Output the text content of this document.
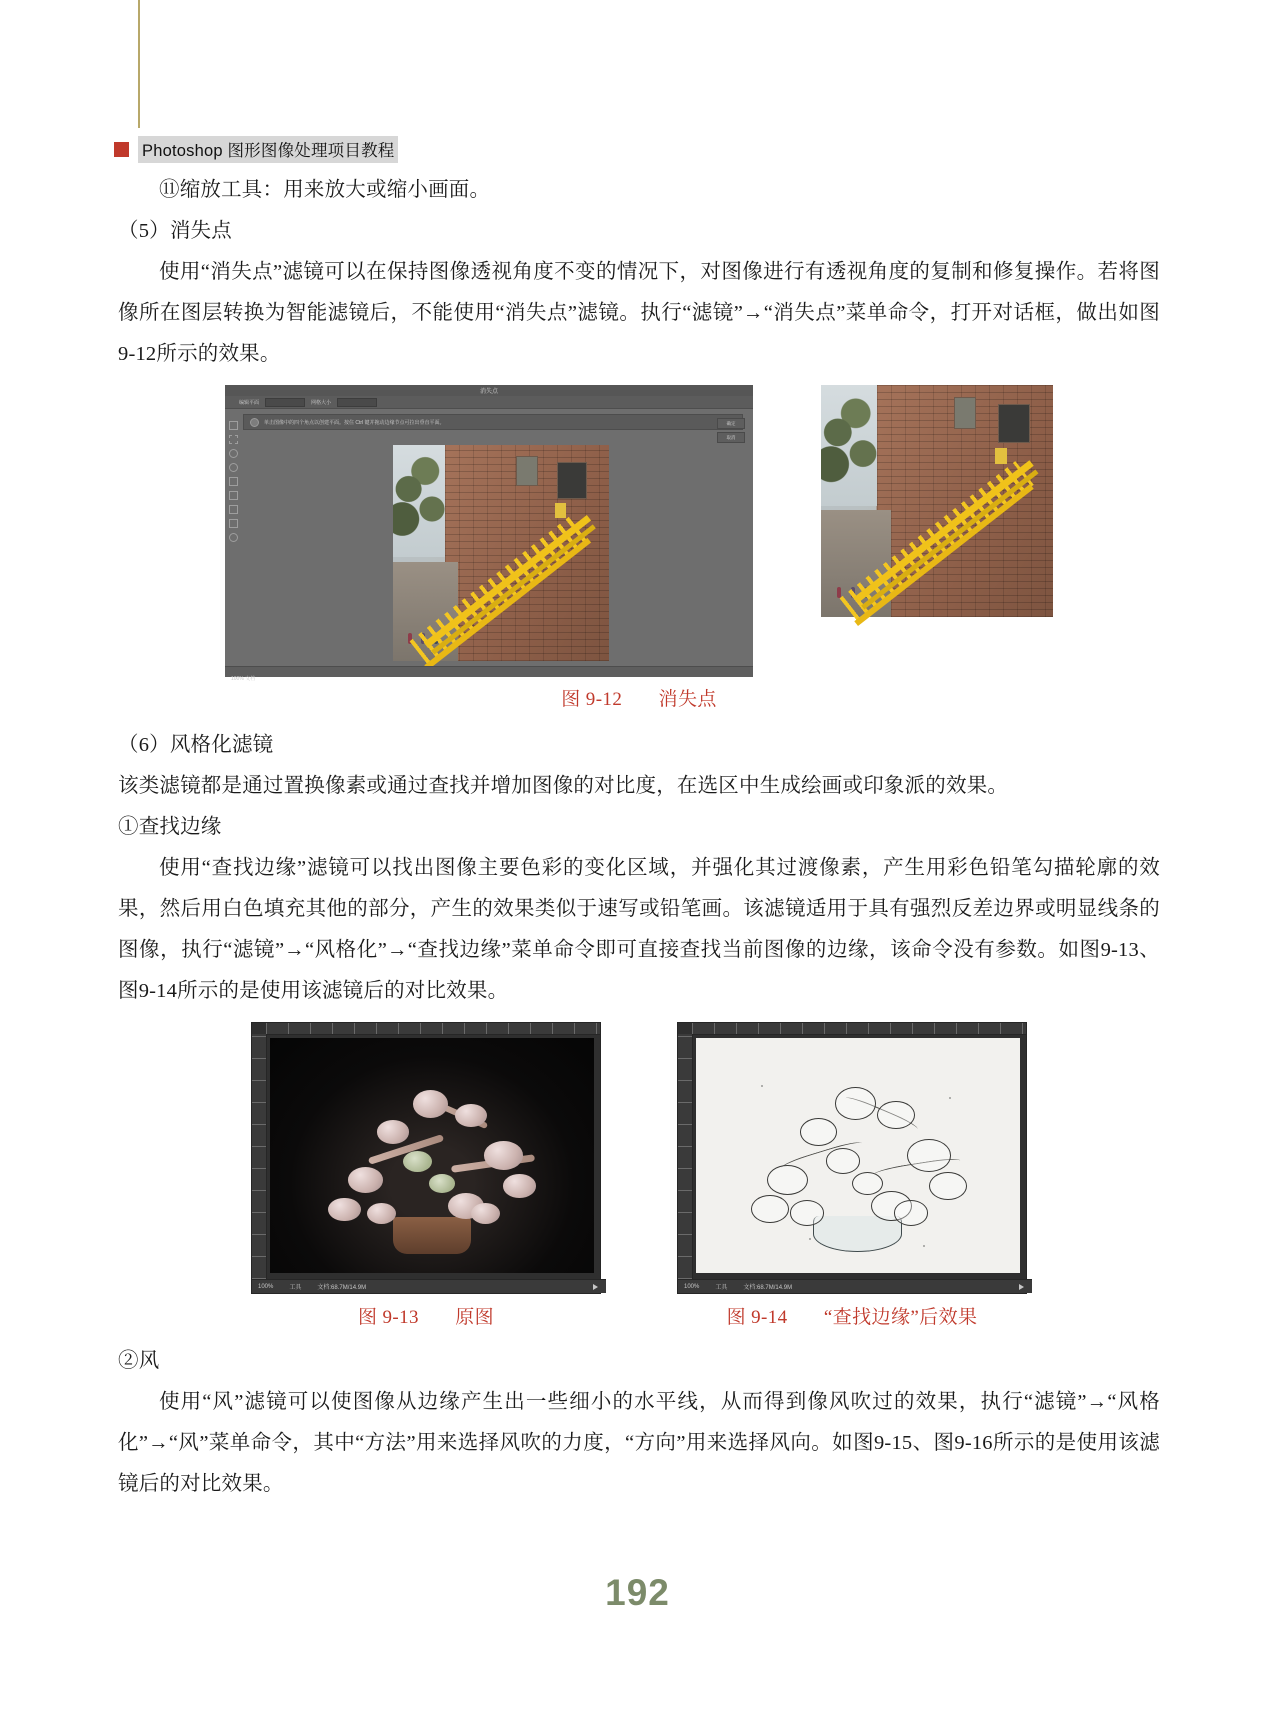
Photoshop 图形图像处理项目教程

⑪缩放工具：用来放大或缩小画面。

（5）消失点

使用“消失点”滤镜可以在保持图像透视角度不变的情况下，对图像进行有透视角度的复制和修复操作。若将图像所在图层转换为智能滤镜后，不能使用“消失点”滤镜。执行“滤镜”→“消失点”菜单命令，打开对话框，做出如图9-12所示的效果。

消失点
编辑平面	网格大小
单击图像中的四个角点以创建平面。按住 Ctrl 键并拖动边缘节点可拉出垂直平面。	确定
取消
100% 文档
图 9-12 消失点

（6）风格化滤镜

该类滤镜都是通过置换像素或通过查找并增加图像的对比度，在选区中生成绘画或印象派的效果。

①查找边缘

使用“查找边缘”滤镜可以找出图像主要色彩的变化区域，并强化其过渡像素，产生用彩色铅笔勾描轮廓的效果，然后用白色填充其他的部分，产生的效果类似于速写或铅笔画。该滤镜适用于具有强烈反差边界或明显线条的图像，执行“滤镜”→“风格化”→“查找边缘”菜单命令即可直接查找当前图像的边缘，该命令没有参数。如图9-13、图9-14所示的是使用该滤镜后的对比效果。

100%	工具	文档:68.7M/14.9M
图 9-13 原图
100%	工具	文档:68.7M/14.9M
图 9-14 “查找边缘”后效果

②风

使用“风”滤镜可以使图像从边缘产生出一些细小的水平线，从而得到像风吹过的效果，执行“滤镜”→“风格化”→“风”菜单命令，其中“方法”用来选择风吹的力度，“方向”用来选择风向。如图9-15、图9-16所示的是使用该滤镜后的对比效果。

192
